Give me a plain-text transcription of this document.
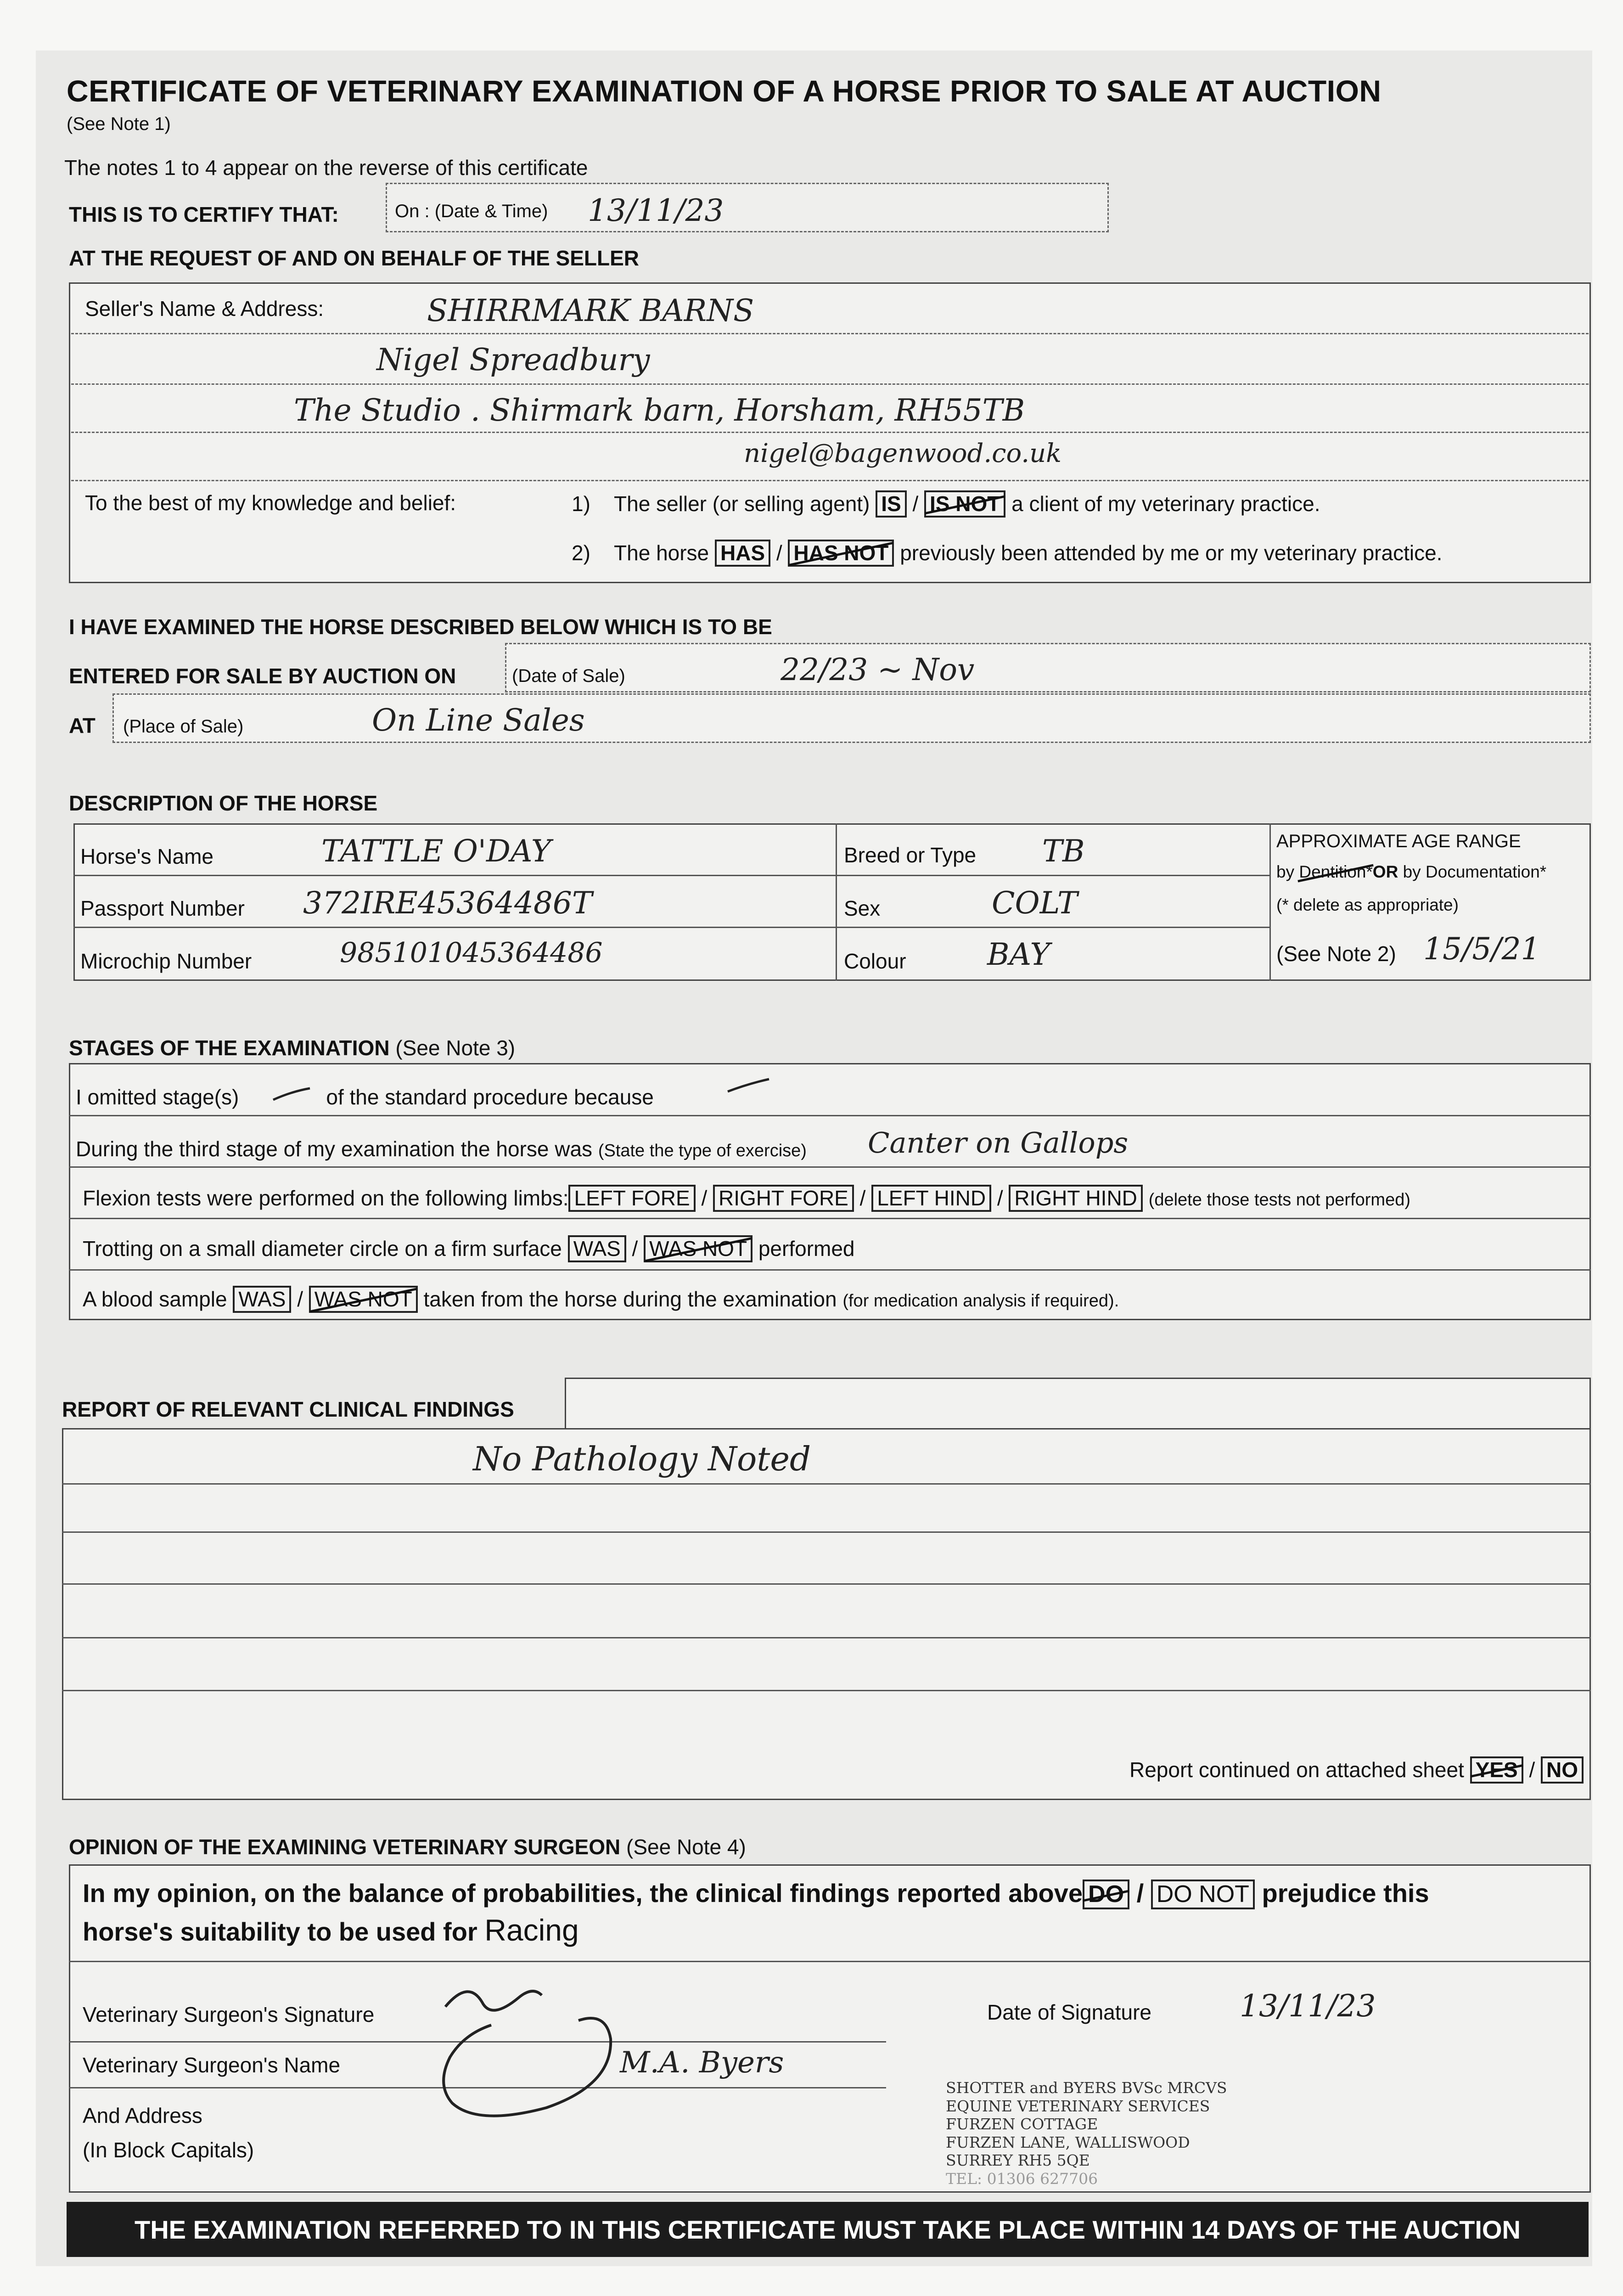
CERTIFICATE OF VETERINARY EXAMINATION OF A HORSE PRIOR TO SALE AT AUCTION
(See Note 1)
The notes 1 to 4 appear on the reverse of this certificate
THIS IS TO CERTIFY THAT:	On : (Date & Time) 13/11/23
AT THE REQUEST OF AND ON BEHALF OF THE SELLER
Seller's Name & Address:	SHIRRMARK BARNS
Nigel Spreadbury
The Studio . Shirmark barn, Horsham, RH55TB
nigel@bagenwood.co.uk
To the best of my knowledge and belief:	1) The seller (or selling agent) IS / IS NOT a client of my veterinary practice.
2) The horse HAS / HAS NOT previously been attended by me or my veterinary practice.
I HAVE EXAMINED THE HORSE DESCRIBED BELOW WHICH IS TO BE
ENTERED FOR SALE BY AUCTION ON	(Date of Sale)	22/23 ~ Nov
AT (Place of Sale)	On Line Sales
DESCRIPTION OF THE HORSE
Horse's Name	TATTLE O'DAY
Passport Number 372IRE45364486T
Microchip Number	985101045364486
Breed or Type TB
Sex	COLT
Colour	BAY
APPROXIMATE AGE RANGE
by Dentition*OR by Documentation*
(* delete as appropriate)
(See Note 2) 15/5/21
STAGES OF THE EXAMINATION (See Note 3)
I omitted stage(s)	of the standard procedure because
During the third stage of my examination the horse was (State the type of exercise) Canter on Gallops
Flexion tests were performed on the following limbs: LEFT FORE / RIGHT FORE / LEFT HIND / RIGHT HIND (delete those tests not performed)
Trotting on a small diameter circle on a firm surface WAS / WAS NOT performed
A blood sample WAS / WAS NOT taken from the horse during the examination (for medication analysis if required).
REPORT OF RELEVANT CLINICAL FINDINGS
No Pathology Noted
Report continued on attached sheet YES / NO
OPINION OF THE EXAMINING VETERINARY SURGEON (See Note 4)
In my opinion, on the balance of probabilities, the clinical findings reported above DO / DO NOT prejudice this
horse's suitability to be used for Racing
Veterinary Surgeon's Signature	Date of Signature	13/11/23
Veterinary Surgeon's Name	M.A. Byers
And Address
(In Block Capitals)
SHOTTER and BYERS BVSc MRCVS
EQUINE VETERINARY SERVICES
FURZEN COTTAGE
FURZEN LANE, WALLISWOOD
SURREY RH5 5QE
TEL: 01306 627706
THE EXAMINATION REFERRED TO IN THIS CERTIFICATE MUST TAKE PLACE WITHIN 14 DAYS OF THE AUCTION
